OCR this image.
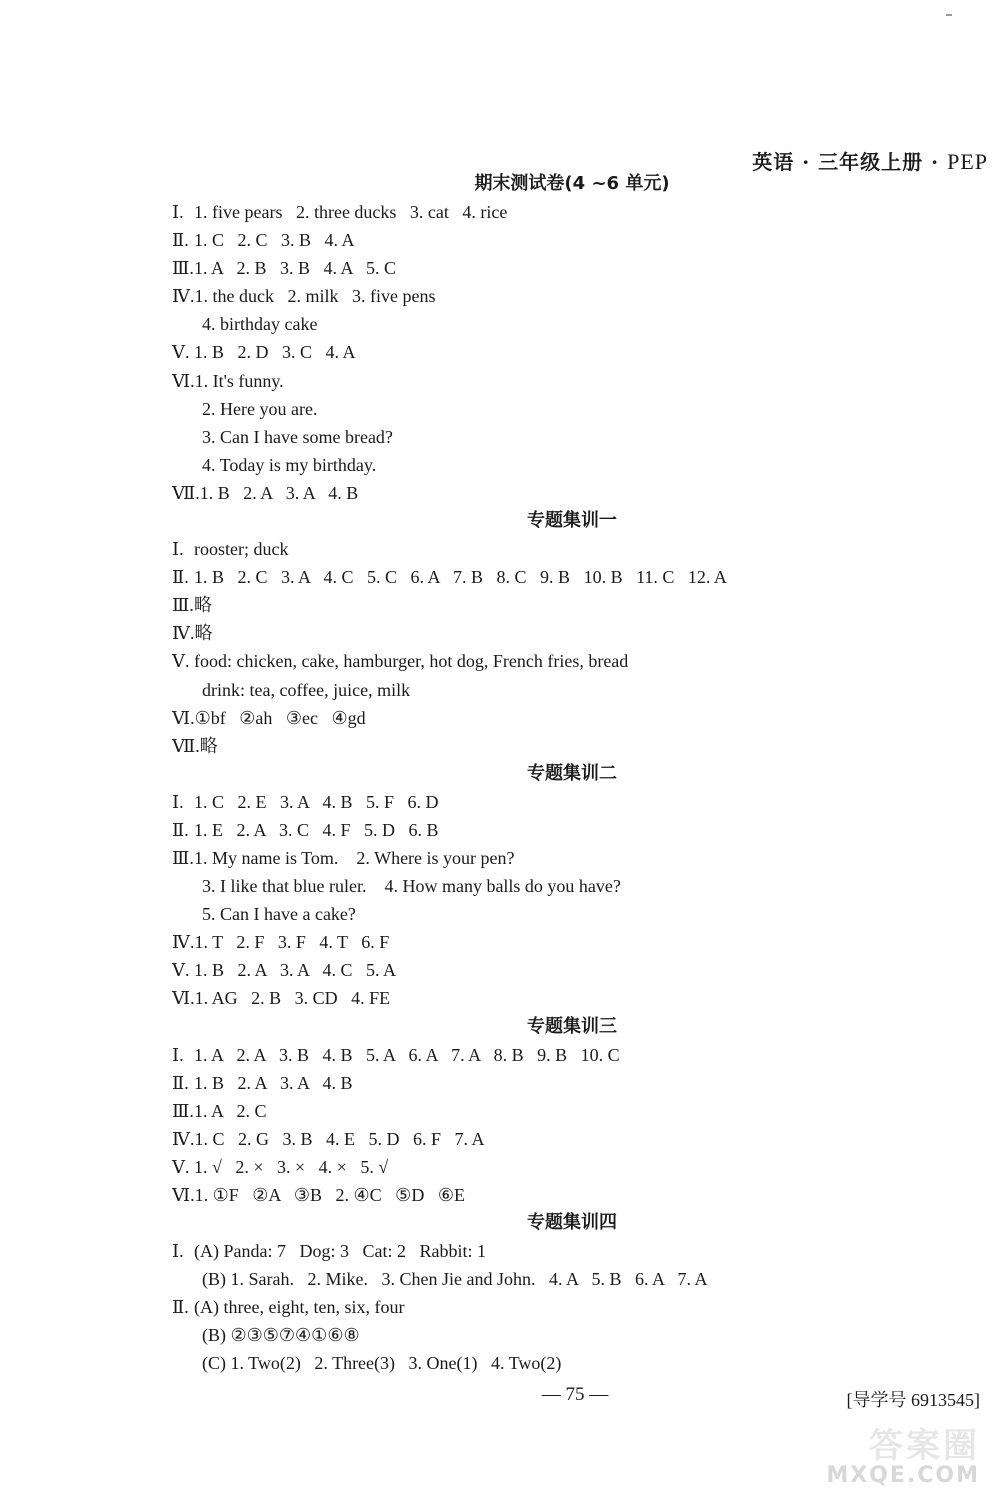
英语 · 三年级上册 · PEP
期末测试卷(4 ~6 单元)
Ⅰ. 1. five pears   2. three ducks   3. cat   4. rice
Ⅱ. 1. C   2. C   3. B   4. A
Ⅲ.1. A   2. B   3. B   4. A   5. C
Ⅳ.1. the duck   2. milk   3. five pens
4. birthday cake
Ⅴ. 1. B   2. D   3. C   4. A
Ⅵ.1. It's funny.
2. Here you are.
3. Can I have some bread?
4. Today is my birthday.
Ⅶ.1. B   2. A   3. A   4. B
专题集训一
Ⅰ. rooster; duck
Ⅱ. 1. B   2. C   3. A   4. C   5. C   6. A   7. B   8. C   9. B   10. B   11. C   12. A
Ⅲ.略
Ⅳ.略
Ⅴ. food: chicken, cake, hamburger, hot dog, French fries, bread
drink: tea, coffee, juice, milk
Ⅵ.①bf   ②ah   ③ec   ④gd
Ⅶ.略
专题集训二
Ⅰ. 1. C   2. E   3. A   4. B   5. F   6. D
Ⅱ. 1. E   2. A   3. C   4. F   5. D   6. B
Ⅲ.1. My name is Tom.    2. Where is your pen?
3. I like that blue ruler.    4. How many balls do you have?
5. Can I have a cake?
Ⅳ.1. T   2. F   3. F   4. T   6. F
Ⅴ. 1. B   2. A   3. A   4. C   5. A
Ⅵ.1. AG   2. B   3. CD   4. FE
专题集训三
Ⅰ. 1. A   2. A   3. B   4. B   5. A   6. A   7. A   8. B   9. B   10. C
Ⅱ. 1. B   2. A   3. A   4. B
Ⅲ.1. A   2. C
Ⅳ.1. C   2. G   3. B   4. E   5. D   6. F   7. A
Ⅴ. 1. √   2. ×   3. ×   4. ×   5. √
Ⅵ.1. ①F   ②A   ③B   2. ④C   ⑤D   ⑥E
专题集训四
Ⅰ. (A) Panda: 7   Dog: 3   Cat: 2   Rabbit: 1
(B) 1. Sarah.   2. Mike.   3. Chen Jie and John.   4. A   5. B   6. A   7. A
Ⅱ. (A) three, eight, ten, six, four
(B) ②③⑤⑦④①⑥⑧
(C) 1. Two(2)   2. Three(3)   3. One(1)   4. Two(2)
— 75 —	[导学号 6913545]
答案圈
MXQE.COM
